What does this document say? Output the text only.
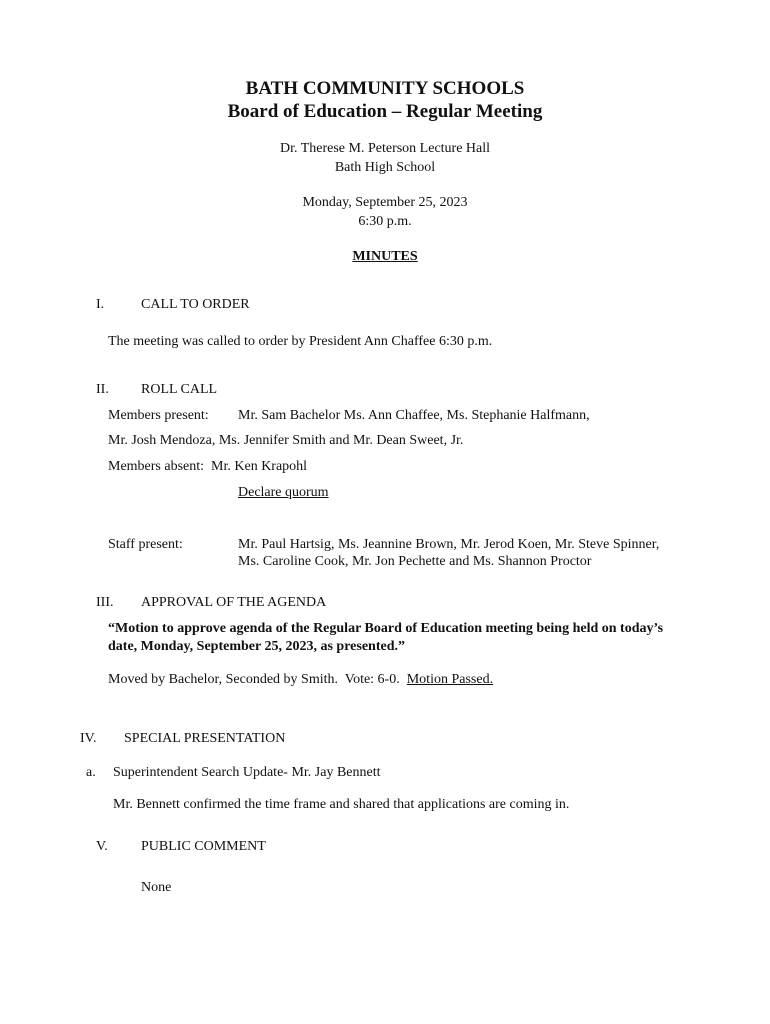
BATH COMMUNITY SCHOOLS
Board of Education – Regular Meeting
Dr. Therese M. Peterson Lecture Hall
Bath High School
Monday, September 25, 2023
6:30 p.m.
MINUTES
I.	CALL TO ORDER
The meeting was called to order by President Ann Chaffee 6:30 p.m.
II. ROLL CALL
Members present: Mr. Sam Bachelor Ms. Ann Chaffee, Ms. Stephanie Halfmann,
Mr. Josh Mendoza, Ms. Jennifer Smith and Mr. Dean Sweet, Jr.
Members absent:  Mr. Ken Krapohl
Declare quorum
Staff present:	Mr. Paul Hartsig, Ms. Jeannine Brown, Mr. Jerod Koen, Mr. Steve Spinner,
Ms. Caroline Cook, Mr. Jon Pechette and Ms. Shannon Proctor
III. APPROVAL OF THE AGENDA
“Motion to approve agenda of the Regular Board of Education meeting being held on today’s
date, Monday, September 25, 2023, as presented.”
Moved by Bachelor, Seconded by Smith.  Vote: 6-0. Motion Passed.
IV. SPECIAL PRESENTATION
a. Superintendent Search Update- Mr. Jay Bennett
Mr. Bennett confirmed the time frame and shared that applications are coming in.
V. PUBLIC COMMENT
None
